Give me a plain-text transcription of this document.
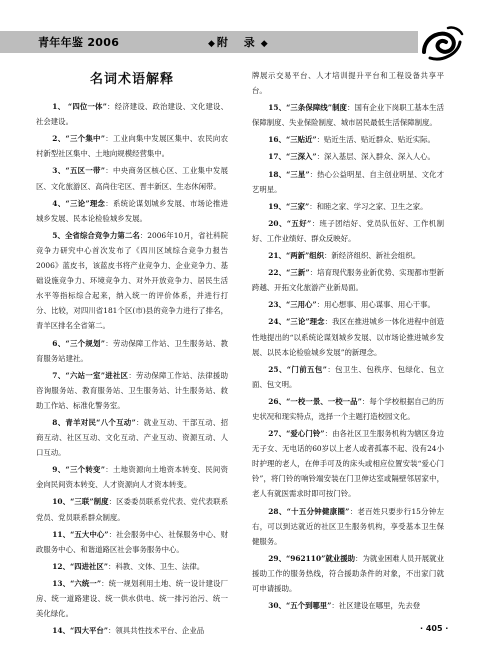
青年年鉴 2006	◆ 附 录◆
名词术语解释
1、 “四位一体”：经济建设、政治建设、文化建设、社会建设。
2、“三个集中”：工业向集中发展区集中、农民向农村新型社区集中、土地向规模经营集中。
3、“五区一带”：中央商务区核心区、工业集中发展区、文化旅游区、高尚住宅区、晋丰新区、生态休闲带。
4、“三论”理念：系统论谋划城乡发展、市场论推进城乡发展、民本论检验城乡发展。
5、全省综合竞争力第二名：2006年10月，省社科院竞争力研究中心首次发布了《四川区域综合竞争力报告2006》蓝皮书，该蓝皮书将产业竞争力、企业竞争力、基础设施竞争力、环境竞争力、对外开放竞争力、居民生活水平等指标综合起来，纳入统一的评价体系，并进行打分、比较，对四川省181个区(市)县的竞争力进行了排名，青羊区排名全省第二。
6、“三个规划”：劳动保障工作站、卫生服务站、教育服务站建社。
7、“六站一室”进社区：劳动保障工作站、法律援助咨询服务站、教育服务站、卫生服务站、计生服务站、救助工作站、标准化警务室。
8、青羊对民“八个互动”：就业互动、干部互动、招商互动、社区互动、文化互动、产业互动、资源互动、人口互动。
9、“三个转变”：土地资源向土地资本转变、民间资金向民间资本转变、人才资源向人才资本转变。
10、“三联”制度：区委委员联系党代表、党代表联系党员、党员联系群众制度。
11、“五大中心”：社会服务中心、社保服务中心、财政服务中心、和谐道路区社会事务服务中心。
12、“四进社区”：科教、文体、卫生、法律。
13、“六统一”：统一规划利用土地、统一设计建设厂房、统一道路建设、统一供水供电、统一排污治污、统一美化绿化。
14、“四大平台”：领具共性技术平台、企业品
牌展示交易平台、人才培训提升平台和工程设备共享平台。
15、“三条保障线”制度：国有企业下岗职工基本生活保障制度、失业保险制度、城市居民最低生活保障制度。
16、“三贴近”：贴近生活、贴近群众、贴近实际。
17、“三深入”：深入基层、深入群众、深入人心。
18、“三星”：热心公益明星、自主创业明星、文化才艺明星。
19、“三家”：和睦之家、学习之家、卫生之家。
20、“五好”：班子团结好、党员队伍好、工作机制好、工作业绩好、群众反映好。
21、“两新”组织：新经济组织、新社会组织。
22、“三新”：培育现代服务业新优势、实现都市型新跨越、开拓文化旅游产业新局面。
23、“三用心”：用心想事、用心谋事、用心干事。
24、“三论”理念：我区在推进城乡一体化进程中创造性地提出的“以系统论谋划城乡发展、以市场论推进城乡发展、以民本论检验城乡发展”的新理念。
25、“门前五包”：包卫生、包秩序、包绿化、包立面、包文明。
26、“一校一景、一校一品”：每个学校根据自己的历史状况和现实特点，选择一个主题打造校园文化。
27、“爱心门铃”：由各社区卫生服务机构为辖区身边无子女、无电话的60岁以上老人或者孤寡不起、没有24小时护理的老人，在伸手可及的床头或相应位置安装“爱心门铃”，将门铃的响铃端安装在门卫伸达室或隔壁邻居家中，老人有就医需求时即可按门铃。
28、“十五分钟健康圈”：老百姓只要步行15分钟左右，可以到达就近的社区卫生服务机构，享受基本卫生保健服务。
29、“962110”就业援助：为就业困难人员开展就业援助工作的服务热线，符合援助条件的对象，不出家门就可申请援助。
30、“五个到哪里”：社区建设在哪里，先去登
· 405 ·
